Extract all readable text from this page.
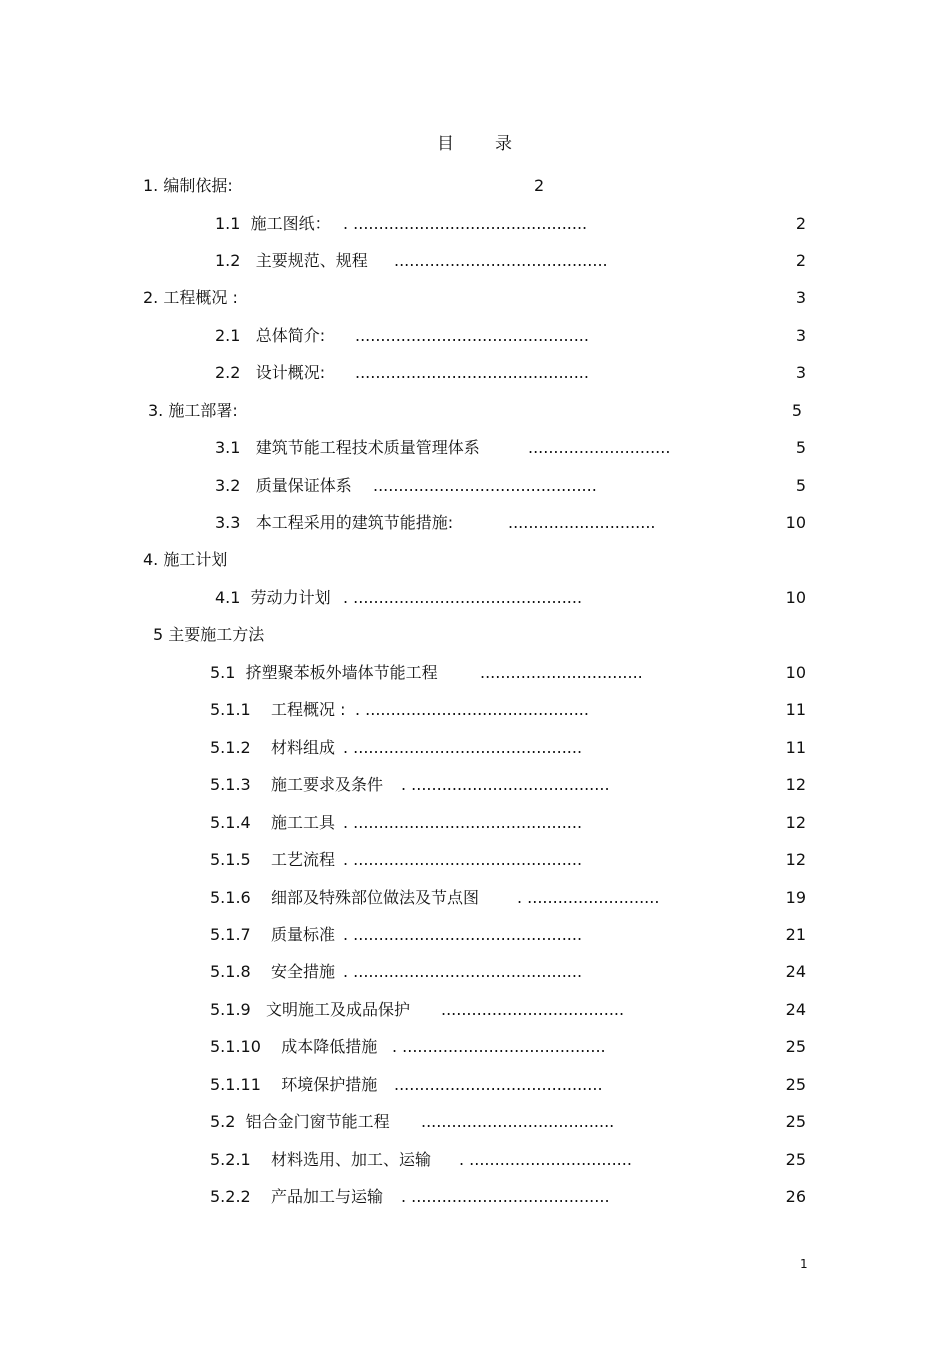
目 录
1. 编制依据:	2
1.1  施工图纸： . ..............................................	2
1.2   主要规范、规程 ..........................................	2
2. 工程概况 :	3
2.1   总体简介: ..............................................	3
2.2   设计概况: ..............................................	3
3. 施工部署:	5
3.1   建筑节能工程技术质量管理体系	............................	5
3.2   质量保证体系 ............................................	5
3.3   本工程采用的建筑节能措施:	.............................	10
4. 施工计划
4.1  劳动力计划 . .............................................	10
5 主要施工方法
5.1  挤塑聚苯板外墙体节能工程	................................	10
5.1.1    工程概况 : . ............................................	11
5.1.2    材料组成 . .............................................	11
5.1.3    施工要求及条件 . .......................................	12
5.1.4    施工工具 . .............................................	12
5.1.5    工艺流程 . .............................................	12
5.1.6    细部及特殊部位做法及节点图 . ..........................	19
5.1.7    质量标准 . .............................................	21
5.1.8    安全措施 . .............................................	24
5.1.9   文明施工及成品保护 ....................................	24
5.1.10    成本降低措施 . ........................................	25
5.1.11    环境保护措施 .........................................	25
5.2  铝合金门窗节能工程 ......................................	25
5.2.1    材料选用、加工、运输 . ................................	25
5.2.2    产品加工与运输 . .......................................	26
1
